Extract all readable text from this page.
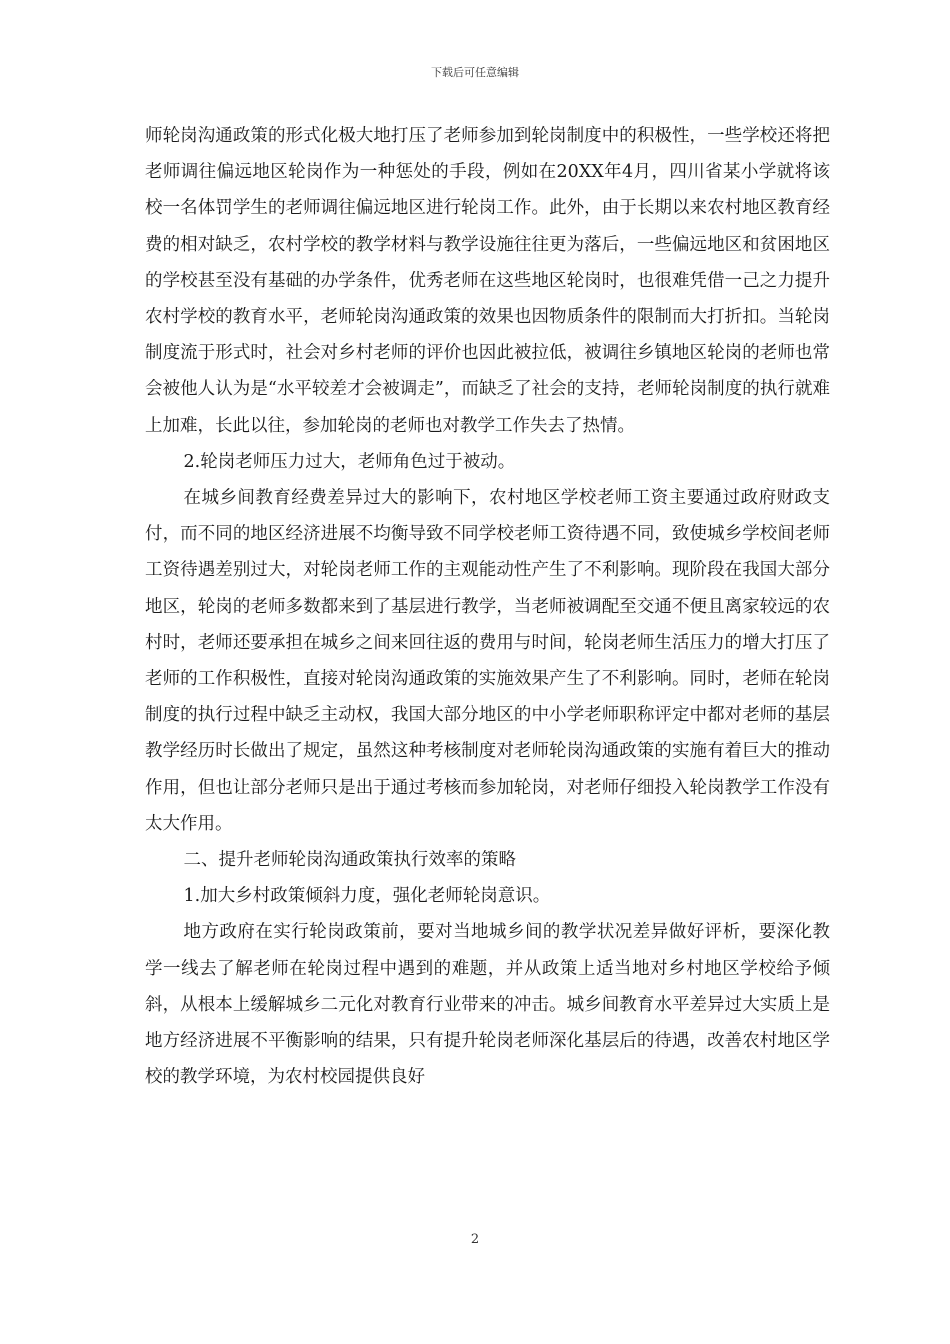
下载后可任意编辑

师轮岗沟通政策的形式化极大地打压了老师参加到轮岗制度中的积极性，一些学校还将把老师调往偏远地区轮岗作为一种惩处的手段，例如在20XX年4月，四川省某小学就将该校一名体罚学生的老师调往偏远地区进行轮岗工作。此外，由于长期以来农村地区教育经费的相对缺乏，农村学校的教学材料与教学设施往往更为落后，一些偏远地区和贫困地区的学校甚至没有基础的办学条件，优秀老师在这些地区轮岗时，也很难凭借一己之力提升农村学校的教育水平，老师轮岗沟通政策的效果也因物质条件的限制而大打折扣。当轮岗制度流于形式时，社会对乡村老师的评价也因此被拉低，被调往乡镇地区轮岗的老师也常会被他人认为是“水平较差才会被调走”，而缺乏了社会的支持，老师轮岗制度的执行就难上加难，长此以往，参加轮岗的老师也对教学工作失去了热情。

2.轮岗老师压力过大，老师角色过于被动。

在城乡间教育经费差异过大的影响下，农村地区学校老师工资主要通过政府财政支付，而不同的地区经济进展不均衡导致不同学校老师工资待遇不同，致使城乡学校间老师工资待遇差别过大，对轮岗老师工作的主观能动性产生了不利影响。现阶段在我国大部分地区，轮岗的老师多数都来到了基层进行教学，当老师被调配至交通不便且离家较远的农村时，老师还要承担在城乡之间来回往返的费用与时间，轮岗老师生活压力的增大打压了老师的工作积极性，直接对轮岗沟通政策的实施效果产生了不利影响。同时，老师在轮岗制度的执行过程中缺乏主动权，我国大部分地区的中小学老师职称评定中都对老师的基层教学经历时长做出了规定，虽然这种考核制度对老师轮岗沟通政策的实施有着巨大的推动作用，但也让部分老师只是出于通过考核而参加轮岗，对老师仔细投入轮岗教学工作没有太大作用。

二、提升老师轮岗沟通政策执行效率的策略

1.加大乡村政策倾斜力度，强化老师轮岗意识。

地方政府在实行轮岗政策前，要对当地城乡间的教学状况差异做好评析，要深化教学一线去了解老师在轮岗过程中遇到的难题，并从政策上适当地对乡村地区学校给予倾斜，从根本上缓解城乡二元化对教育行业带来的冲击。城乡间教育水平差异过大实质上是地方经济进展不平衡影响的结果，只有提升轮岗老师深化基层后的待遇，改善农村地区学校的教学环境，为农村校园提供良好

2
